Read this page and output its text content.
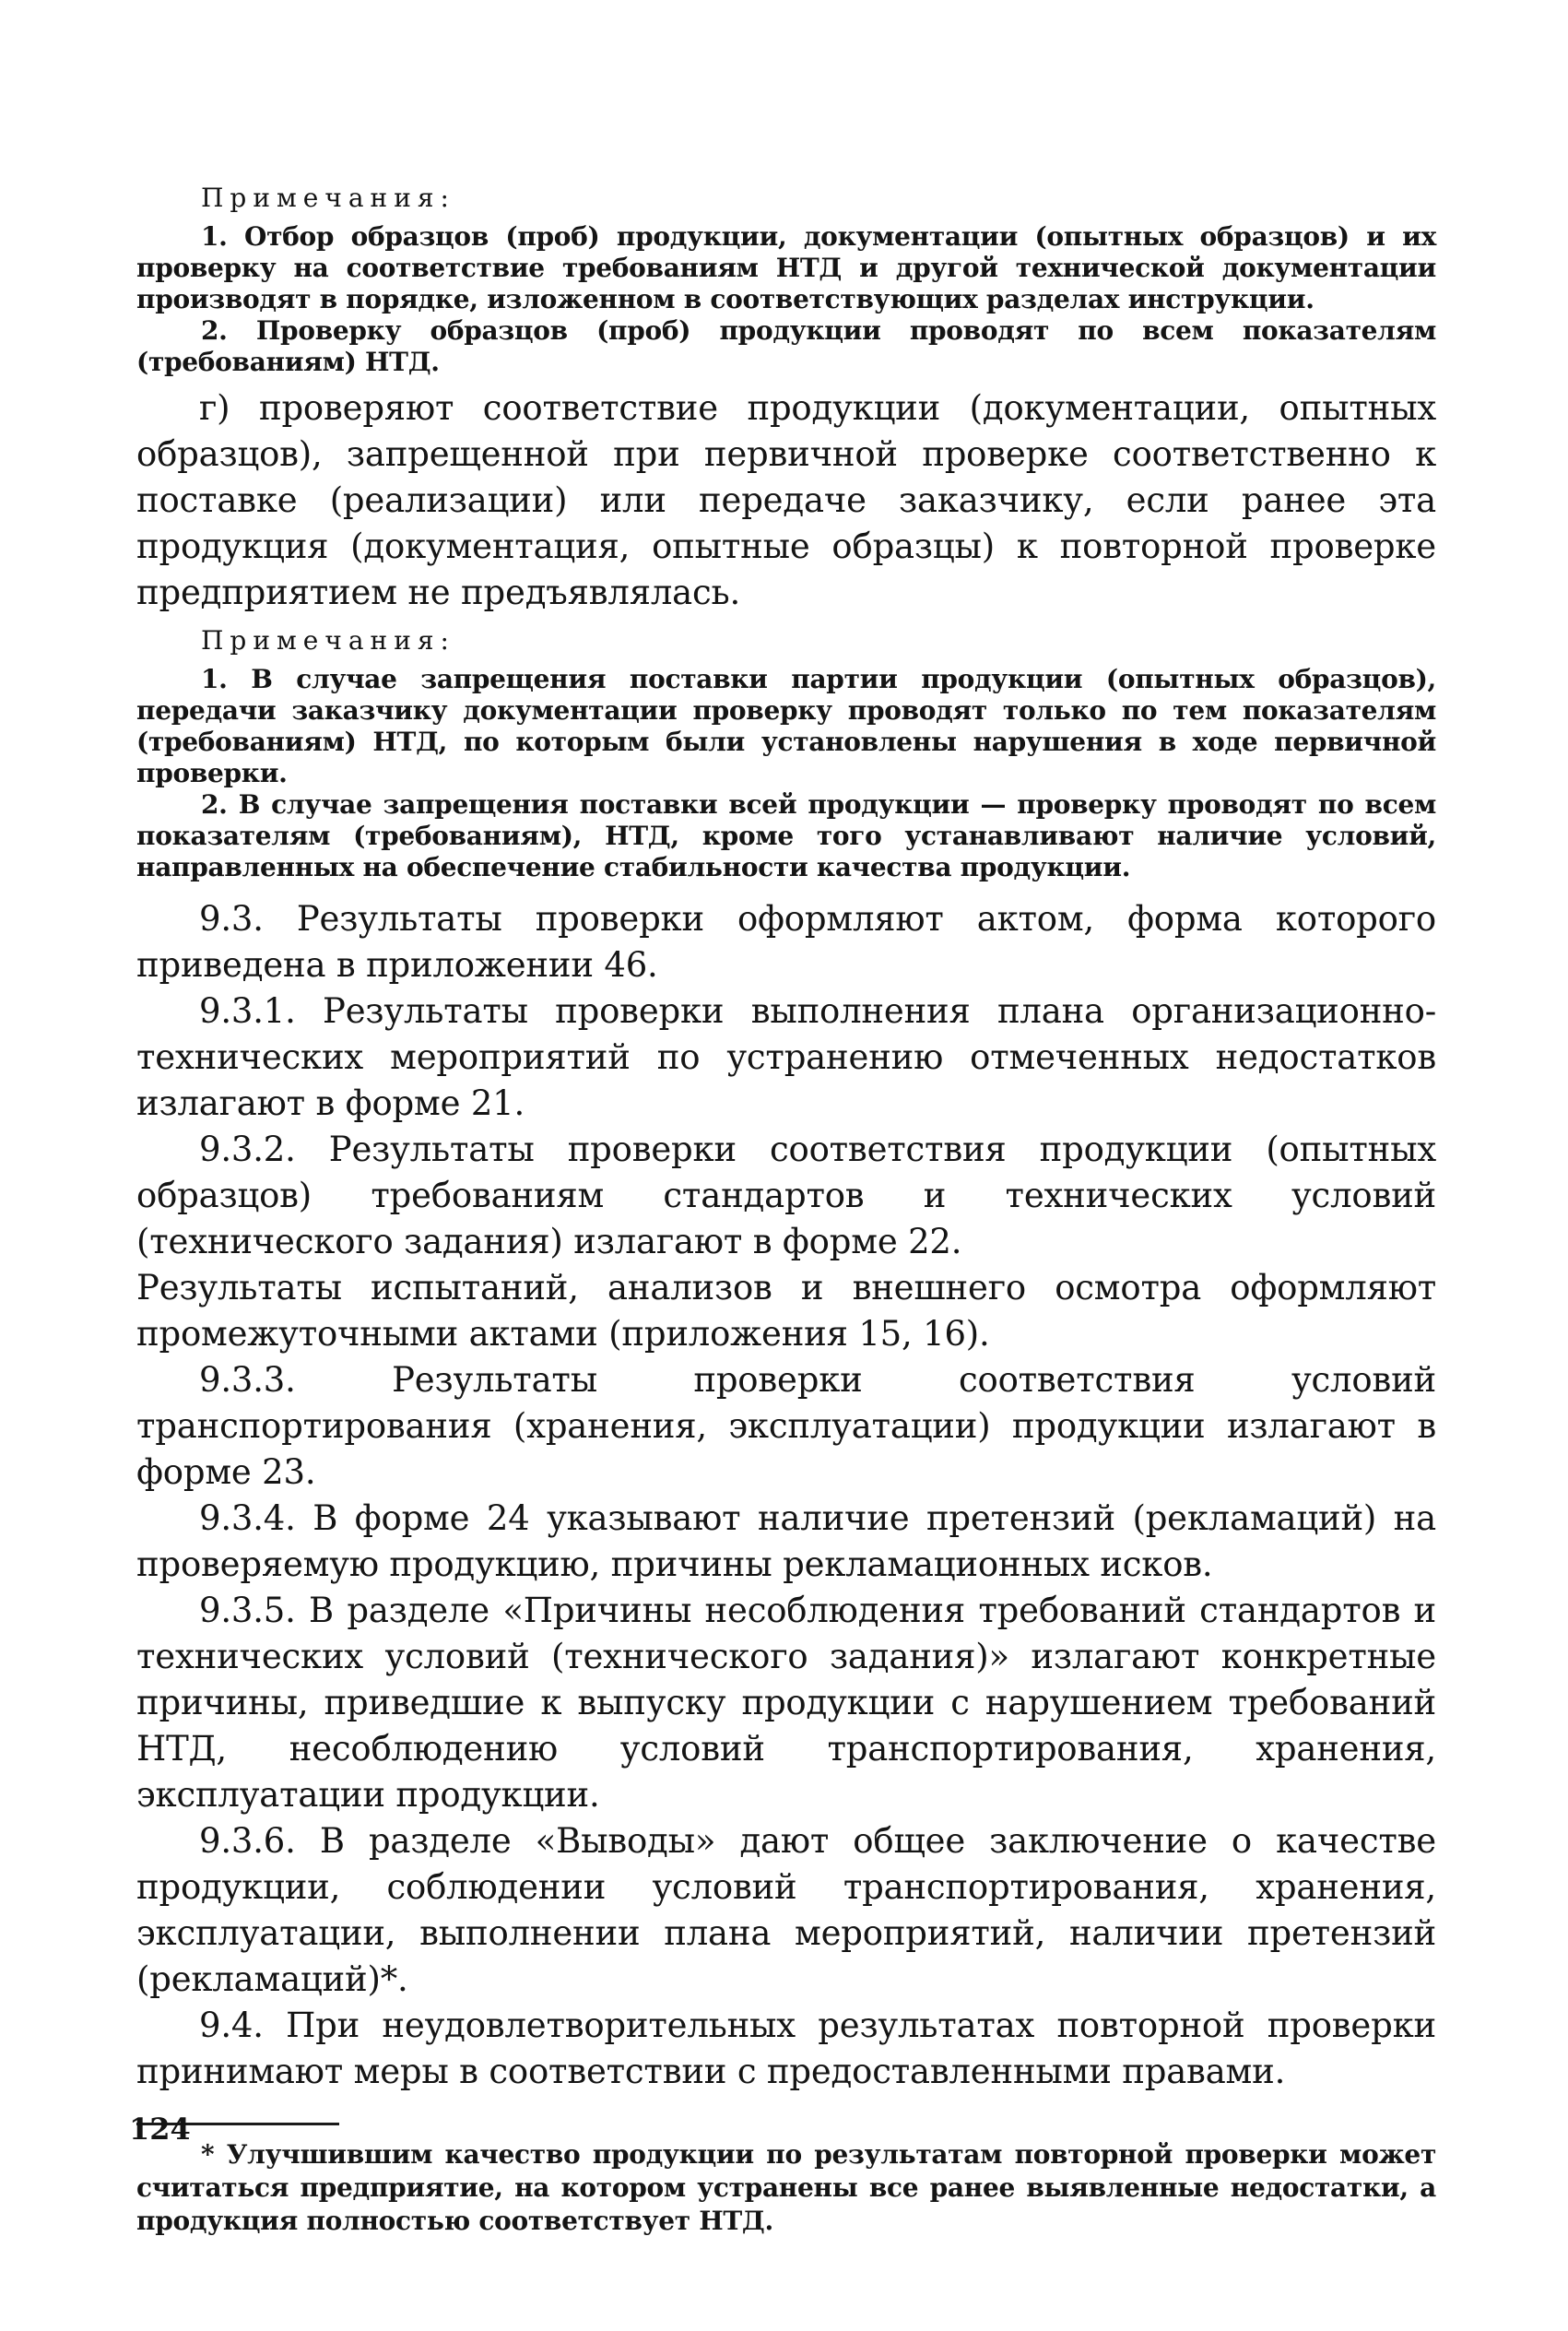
Примечания:

1. Отбор образцов (проб) продукции, документации (опытных образцов) и их проверку на соответствие требованиям НТД и другой технической документации производят в порядке, изложенном в соответствующих разделах инструкции.

2. Проверку образцов (проб) продукции проводят по всем показателям (требованиям) НТД.

г) проверяют соответствие продукции (документации, опытных образцов), запрещенной при первичной проверке соответственно к поставке (реализации) или передаче заказчику, если ранее эта продукция (документация, опытные образцы) к повторной проверке предприятием не предъявлялась.

Примечания:

1. В случае запрещения поставки партии продукции (опытных образцов), передачи заказчику документации проверку проводят только по тем показателям (требованиям) НТД, по которым были установлены нарушения в ходе первичной проверки.

2. В случае запрещения поставки всей продукции — проверку проводят по всем показателям (требованиям), НТД, кроме того устанавливают наличие условий, направленных на обеспечение стабильности качества продукции.

9.3. Результаты проверки оформляют актом, форма которого приведена в приложении 46.

9.3.1. Результаты проверки выполнения плана организационно-технических мероприятий по устранению отмеченных недостатков излагают в форме 21.

9.3.2. Результаты проверки соответствия продукции (опытных образцов) требованиям стандартов и технических условий (технического задания) излагают в форме 22.

Результаты испытаний, анализов и внешнего осмотра оформляют промежуточными актами (приложения 15, 16).

9.3.3. Результаты проверки соответствия условий транспортирования (хранения, эксплуатации) продукции излагают в форме 23.

9.3.4. В форме 24 указывают наличие претензий (рекламаций) на проверяемую продукцию, причины рекламационных исков.

9.3.5. В разделе «Причины несоблюдения требований стандартов и технических условий (технического задания)» излагают конкретные причины, приведшие к выпуску продукции с нарушением требований НТД, несоблюдению условий транспортирования, хранения, эксплуатации продукции.

9.3.6. В разделе «Выводы» дают общее заключение о качестве продукции, соблюдении условий транспортирования, хранения, эксплуатации, выполнении плана мероприятий, наличии претензий (рекламаций)*.

9.4. При неудовлетворительных результатах повторной проверки принимают меры в соответствии с предоставленными правами.

* Улучшившим качество продукции по результатам повторной проверки может считаться предприятие, на котором устранены все ранее выявленные недостатки, а продукция полностью соответствует НТД.

124
